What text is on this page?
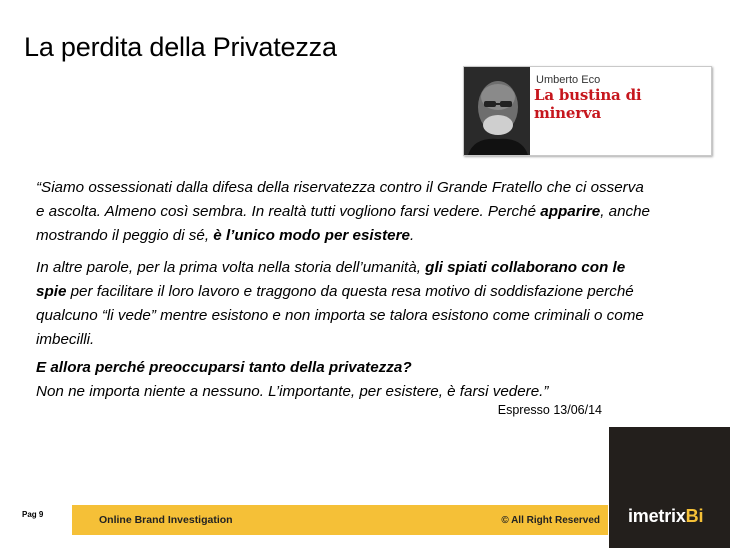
La perdita della Privatezza
Umberto Eco
La bustina di minerva
“Siamo ossessionati dalla difesa della riservatezza contro il Grande Fratello che ci osserva e ascolta. Almeno così sembra. In realtà tutti vogliono farsi vedere. Perché apparire, anche mostrando il peggio di sé, è l’unico modo per esistere.
In altre parole, per la prima volta nella storia dell’umanità, gli spiati collaborano con le spie per facilitare il loro lavoro e traggono da questa resa motivo di soddisfazione perché qualcuno “li vede” mentre esistono e non importa se talora esistono come criminali o come imbecilli.
E allora perché preoccuparsi tanto della privatezza?
Non ne importa niente a nessuno. L’importante, per esistere, è farsi vedere.”
Espresso 13/06/14
Pag 9	Online Brand Investigation	© All Right Reserved imetrixBi
